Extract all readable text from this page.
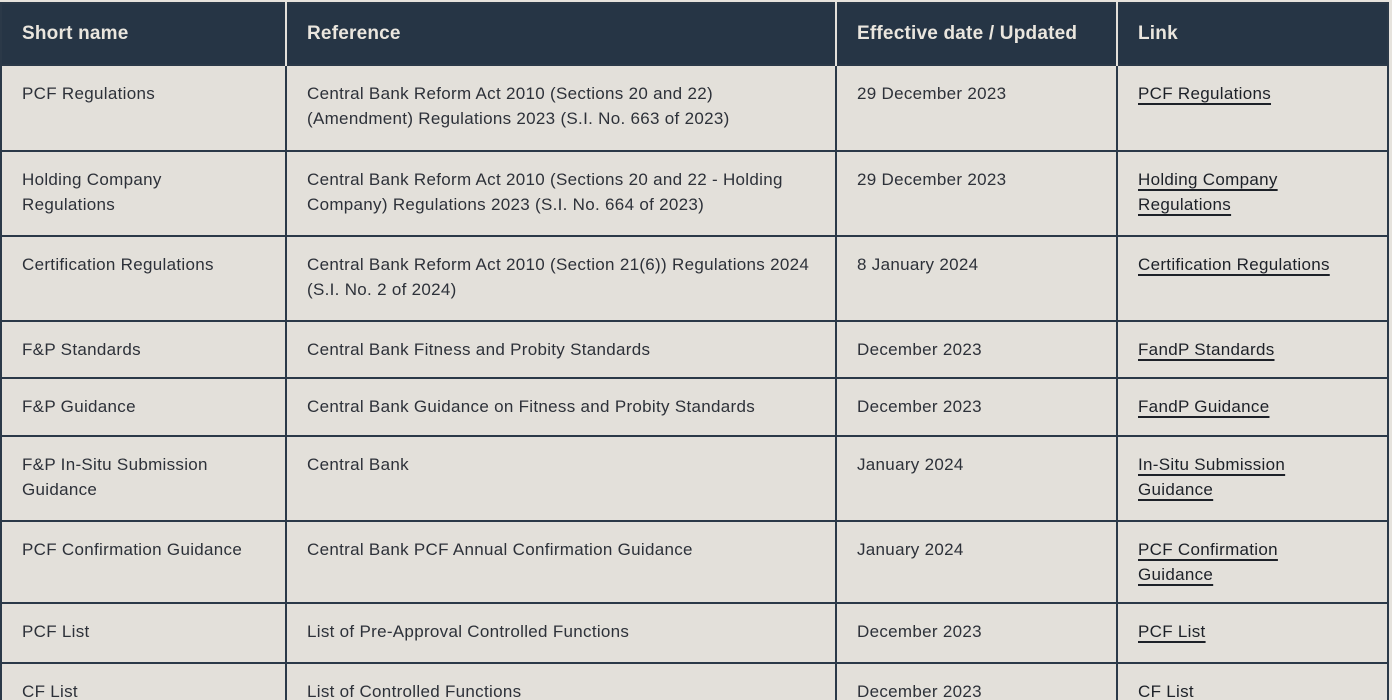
Short name	Reference	Effective date / Updated	Link
PCF Regulations	Central Bank Reform Act 2010 (Sections 20 and 22) (Amendment) Regulations 2023 (S.I. No. 663 of 2023)	29 December 2023	PCF Regulations
Holding Company Regulations	Central Bank Reform Act 2010 (Sections 20 and 22 - Holding Company) Regulations 2023 (S.I. No. 664 of 2023)	29 December 2023	Holding Company Regulations
Certification Regulations	Central Bank Reform Act 2010 (Section 21(6)) Regulations 2024 (S.I. No. 2 of 2024)	8 January 2024	Certification Regulations
F&P Standards	Central Bank Fitness and Probity Standards	December 2023	FandP Standards
F&P Guidance	Central Bank Guidance on Fitness and Probity Standards	December 2023	FandP Guidance
F&P In-Situ Submission Guidance	Central Bank	January 2024	In-Situ Submission Guidance
PCF Confirmation Guidance	Central Bank PCF Annual Confirmation Guidance	January 2024	PCF Confirmation Guidance
PCF List	List of Pre-Approval Controlled Functions	December 2023	PCF List
CF List	List of Controlled Functions	December 2023	CF List
